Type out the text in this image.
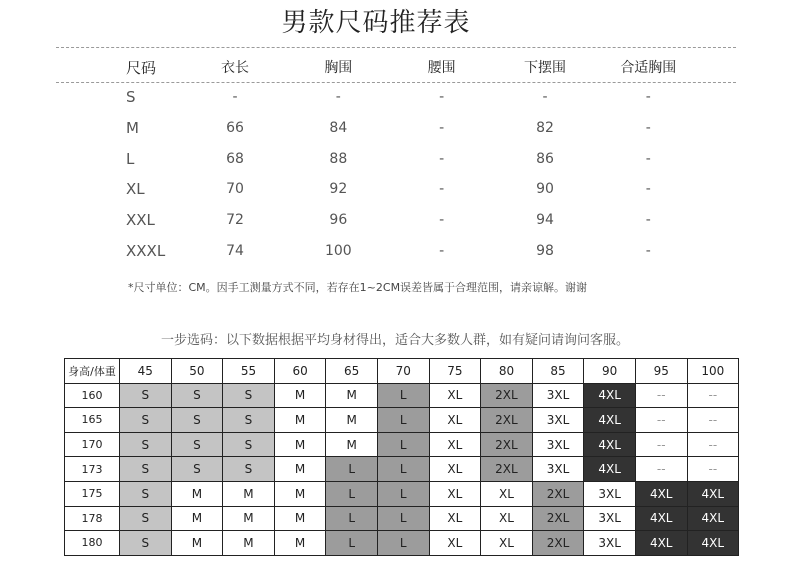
男款尺码推荐表
尺码	衣长	胸围	腰围	下摆围	合适胸围
S	-	-	-	-	-
M	66	84	-	82	-
L	68	88	-	86	-
XL	70	92	-	90	-
XXL	72	96	-	94	-
XXXL	74	100	-	98	-
*尺寸单位：CM。因手工测量方式不同，若存在1~2CM误差皆属于合理范围，请亲谅解。谢谢
一步选码：以下数据根据平均身材得出，适合大多数人群，如有疑问请询问客服。
身高/体重	45	50	55	60	65	70	75	80	85	90	95	100
160	S	S	S	M	M	L	XL	2XL	3XL	4XL	--	--
165	S	S	S	M	M	L	XL	2XL	3XL	4XL	--	--
170	S	S	S	M	M	L	XL	2XL	3XL	4XL	--	--
173	S	S	S	M	L	L	XL	2XL	3XL	4XL	--	--
175	S	M	M	M	L	L	XL	XL	2XL	3XL	4XL	4XL
178	S	M	M	M	L	L	XL	XL	2XL	3XL	4XL	4XL
180	S	M	M	M	L	L	XL	XL	2XL	3XL	4XL	4XL
